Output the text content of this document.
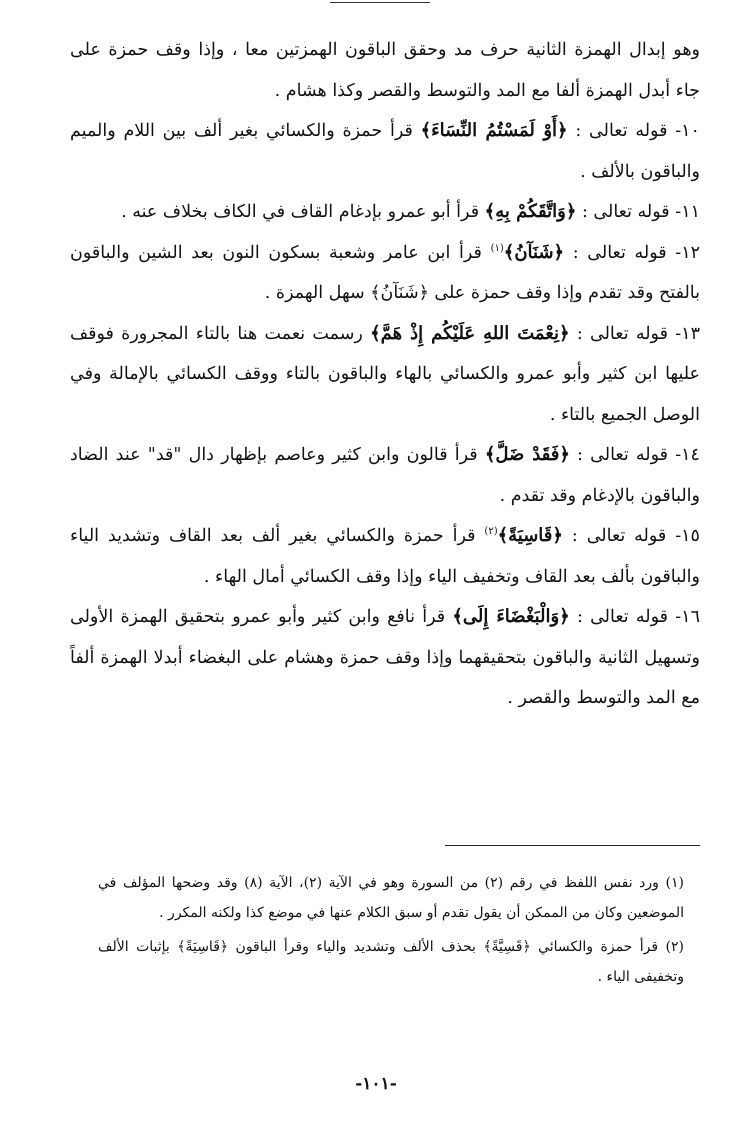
وهو إبدال الهمزة الثانية حرف مد وحقق الباقون الهمزتين معا ، وإذا وقف حمزة على جاء أبدل الهمزة ألفا مع المد والتوسط والقصر وكذا هشام .

١٠- قوله تعالى : ﴿أَوْ لَمَسْتُمُ النِّسَاءَ﴾ قرأ حمزة والكسائي بغير ألف بين اللام والميم والباقون بالألف .

١١- قوله تعالى : ﴿وَاتَّقَكُمْ بِهِ﴾ قرأ أبو عمرو بإدغام القاف في الكاف بخلاف عنه .

١٢- قوله تعالى : ﴿شَنَآنُ﴾$^{(١)}$ قرأ ابن عامر وشعبة بسكون النون بعد الشين والباقون بالفتح وقد تقدم وإذا وقف حمزة على ﴿شَنَآنُ﴾ سهل الهمزة .

١٣- قوله تعالى : ﴿نِعْمَتَ اللهِ عَلَيْكُم إِذْ هَمَّ﴾ رسمت نعمت هنا بالتاء المجرورة فوقف عليها ابن كثير وأبو عمرو والكسائي بالهاء والباقون بالتاء ووقف الكسائي بالإمالة وفي الوصل الجميع بالتاء .

١٤- قوله تعالى : ﴿فَقَدْ ضَلَّ﴾ قرأ قالون وابن كثير وعاصم بإظهار دال "قد" عند الضاد والباقون بالإدغام وقد تقدم .

١٥- قوله تعالى : ﴿قَاسِيَةً﴾$^{(٢)}$ قرأ حمزة والكسائي بغير ألف بعد القاف وتشديد الياء والباقون بألف بعد القاف وتخفيف الياء وإذا وقف الكسائي أمال الهاء .

١٦- قوله تعالى : ﴿وَالْبَغْضَاءَ إِلَى﴾ قرأ نافع وابن كثير وأبو عمرو بتحقيق الهمزة الأولى وتسهيل الثانية والباقون بتحقيقهما وإذا وقف حمزة وهشام على البغضاء أبدلا الهمزة ألفاً مع المد والتوسط والقصر .

(١) ورد نفس اللفظ في رقم (٢) من السورة وهو في الآية (٢)، الآية (٨) وقد وضحها المؤلف في الموضعين وكان من الممكن أن يقول تقدم أو سبق الكلام عنها في موضع كذا ولكنه المكرر .

(٢) قرأ حمزة والكسائي ﴿قَسِيَّةً﴾ بحذف الألف وتشديد والياء وقرأ الباقون ﴿قَاسِيَةً﴾ بإثبات الألف وتخفيفى الياء .

-١٠١-
